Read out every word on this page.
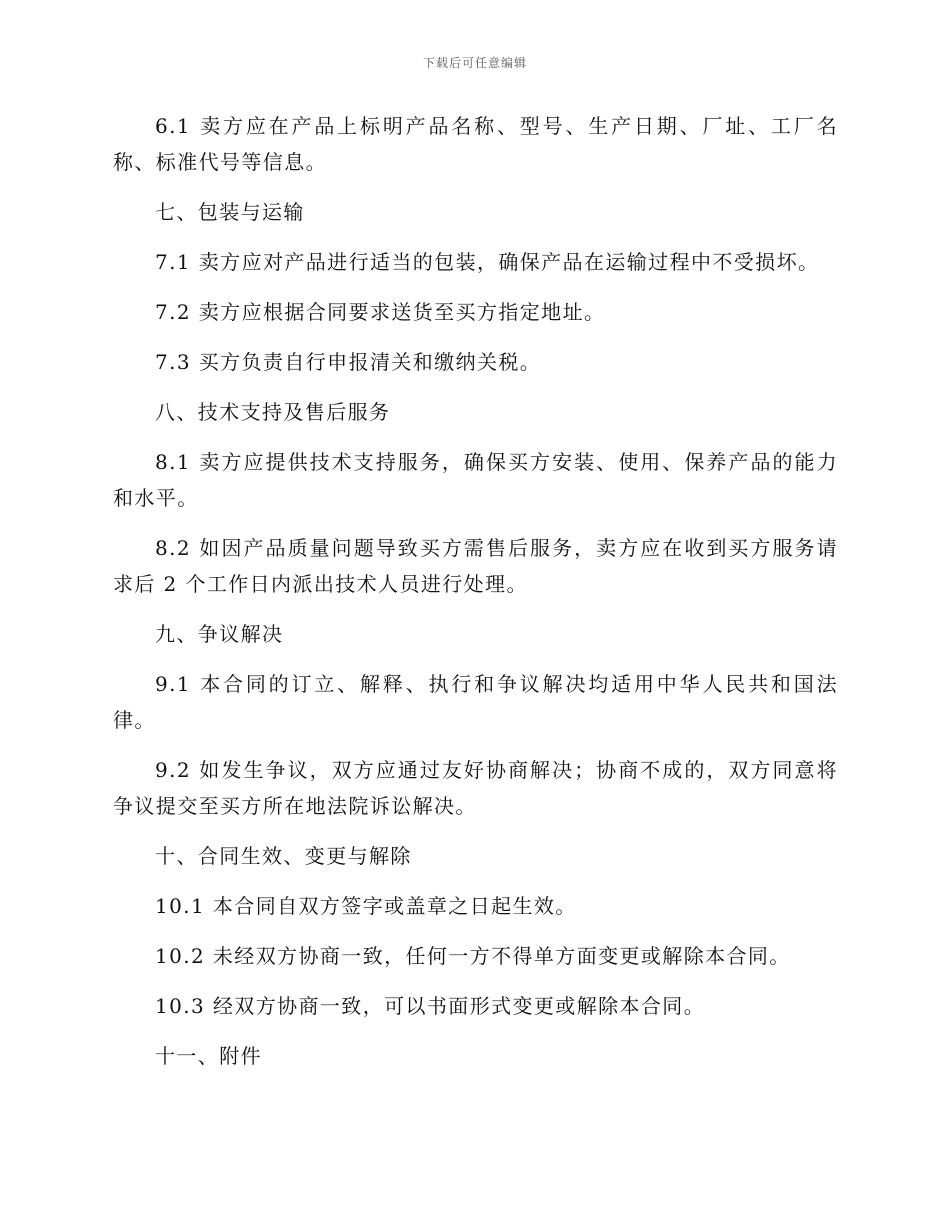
下载后可任意编辑

6.1 卖方应在产品上标明产品名称、型号、生产日期、厂址、工厂名称、标准代号等信息。

七、包装与运输

7.1 卖方应对产品进行适当的包装，确保产品在运输过程中不受损坏。

7.2 卖方应根据合同要求送货至买方指定地址。

7.3 买方负责自行申报清关和缴纳关税。

八、技术支持及售后服务

8.1 卖方应提供技术支持服务，确保买方安装、使用、保养产品的能力和水平。

8.2 如因产品质量问题导致买方需售后服务，卖方应在收到买方服务请求后 2 个工作日内派出技术人员进行处理。

九、争议解决

9.1 本合同的订立、解释、执行和争议解决均适用中华人民共和国法律。

9.2 如发生争议，双方应通过友好协商解决；协商不成的，双方同意将争议提交至买方所在地法院诉讼解决。

十、合同生效、变更与解除

10.1 本合同自双方签字或盖章之日起生效。

10.2 未经双方协商一致，任何一方不得单方面变更或解除本合同。

10.3 经双方协商一致，可以书面形式变更或解除本合同。

十一、附件
